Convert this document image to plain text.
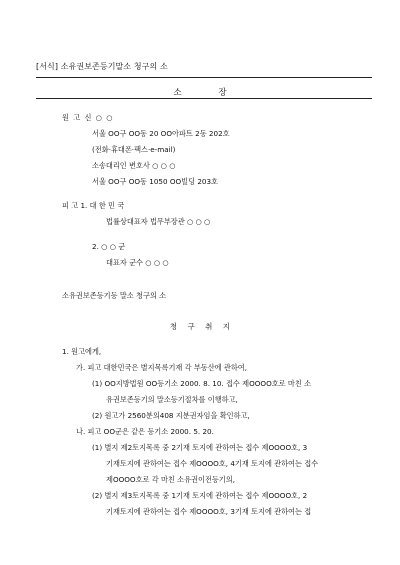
[서식] 소유권보존등기말소 청구의 소
소 장
원 고 신 ○ ○
서울 OO구 OO동 20 OO아파트 2동 202호
(전화·휴대폰·팩스·e-mail)
소송대리인 변호사 ○ ○ ○
서울 OO구 OO동 1050 OO빌딩 203호
피 고 1. 대 한 민 국
법률상대표자 법무부장관 ○ ○ ○
2. ○ ○ 군
대표자 군수 ○ ○ ○
소유권보존등기등 말소 청구의 소
청 구 취 지
1. 원고에게,
가. 피고 대한민국은 별지목록기재 각 부동산에 관하여,
(1) OO지방법원 OO등기소 2000. 8. 10. 접수 제OOOO호로 마친 소
유권보존등기의 말소등기절차를 이행하고,
(2) 원고가 2560분의408 지분권자임을 확인하고,
나. 피고 OO군은 같은 등기소 2000. 5. 20.
(1) 별지 제2토지목록 중 2기재 토지에 관하여는 접수 제OOOO호, 3
기재토지에 관하여는 접수 제OOOO호, 4기재 토지에 관하여는 접수
제OOOO호로 각 마친 소유권이전등기의,
(2) 별지 제3토지목록 중 1기재 토지에 관하여는 접수 제OOOO호, 2
기재토지에 관하여는 접수 제OOOO호, 3기재 토지에 관하여는 접
